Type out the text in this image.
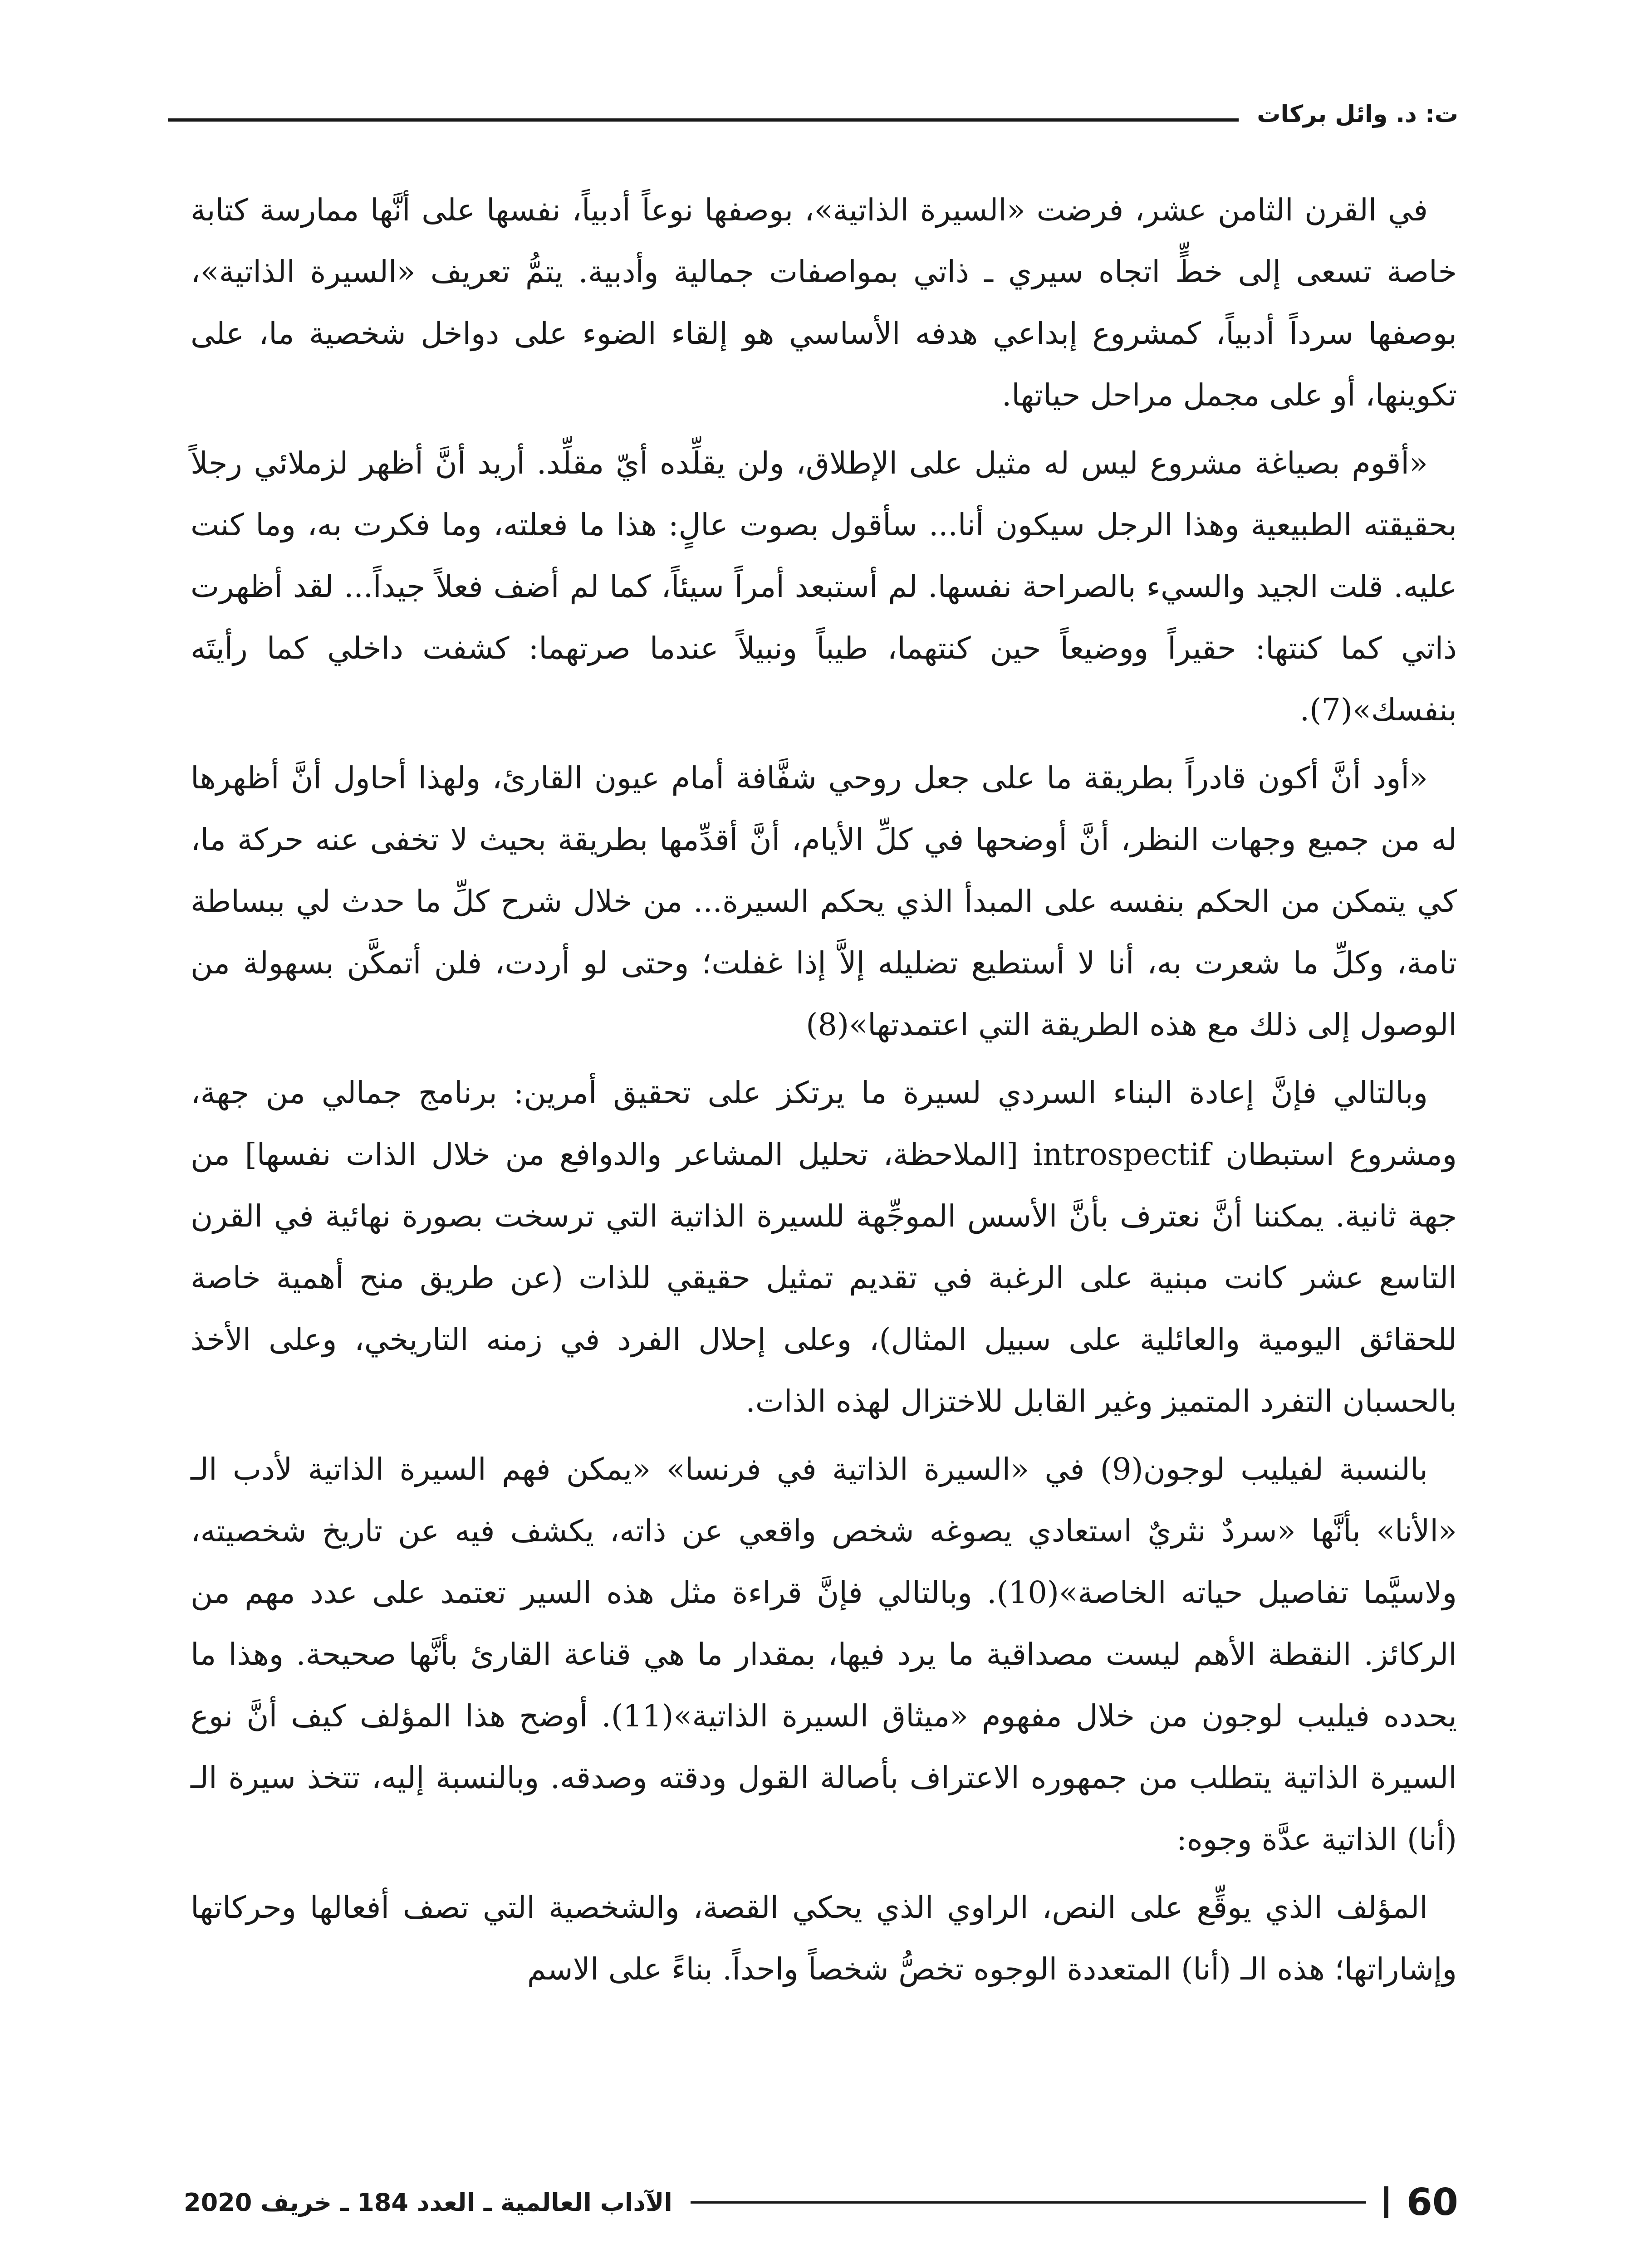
ت: د. وائل بركات

في القرن الثامن عشر، فرضت «السيرة الذاتية»، بوصفها نوعاً أدبياً، نفسها على أنَّها ممارسة كتابة خاصة تسعى إلى خطٍّ اتجاه سيري ـ ذاتي بمواصفات جمالية وأدبية. يتمُّ تعريف «السيرة الذاتية»، بوصفها سرداً أدبياً، كمشروع إبداعي هدفه الأساسي هو إلقاء الضوء على دواخل شخصية ما، على تكوينها، أو على مجمل مراحل حياتها.

«أقوم بصياغة مشروع ليس له مثيل على الإطلاق، ولن يقلِّده أيّ مقلِّد. أريد أنَّ أظهر لزملائي رجلاً بحقيقته الطبيعية وهذا الرجل سيكون أنا... سأقول بصوت عالٍ: هذا ما فعلته، وما فكرت به، وما كنت عليه. قلت الجيد والسيء بالصراحة نفسها. لم أستبعد أمراً سيئاً، كما لم أضف فعلاً جيداً... لقد أظهرت ذاتي كما كنتها: حقيراً ووضيعاً حين كنتهما، طيباً ونبيلاً عندما صرتهما: كشفت داخلي كما رأيتَه بنفسك»(7).

«أود أنَّ أكون قادراً بطريقة ما على جعل روحي شفَّافة أمام عيون القارئ، ولهذا أحاول أنَّ أظهرها له من جميع وجهات النظر، أنَّ أوضحها في كلِّ الأيام، أنَّ أقدِّمها بطريقة بحيث لا تخفى عنه حركة ما، كي يتمكن من الحكم بنفسه على المبدأ الذي يحكم السيرة... من خلال شرح كلِّ ما حدث لي ببساطة تامة، وكلِّ ما شعرت به، أنا لا أستطيع تضليله إلاَّ إذا غفلت؛ وحتى لو أردت، فلن أتمكَّن بسهولة من الوصول إلى ذلك مع هذه الطريقة التي اعتمدتها»(8)

وبالتالي فإنَّ إعادة البناء السردي لسيرة ما يرتكز على تحقيق أمرين: برنامج جمالي من جهة، ومشروع استبطان introspectif [الملاحظة، تحليل المشاعر والدوافع من خلال الذات نفسها] من جهة ثانية. يمكننا أنَّ نعترف بأنَّ الأسس الموجِّهة للسيرة الذاتية التي ترسخت بصورة نهائية في القرن التاسع عشر كانت مبنية على الرغبة في تقديم تمثيل حقيقي للذات (عن طريق منح أهمية خاصة للحقائق اليومية والعائلية على سبيل المثال)، وعلى إحلال الفرد في زمنه التاريخي، وعلى الأخذ بالحسبان التفرد المتميز وغير القابل للاختزال لهذه الذات.

بالنسبة لفيليب لوجون(9) في «السيرة الذاتية في فرنسا» «يمكن فهم السيرة الذاتية لأدب الـ «الأنا» بأنَّها «سردٌ نثريٌ استعادي يصوغه شخص واقعي عن ذاته، يكشف فيه عن تاريخ شخصيته، ولاسيَّما تفاصيل حياته الخاصة»(10). وبالتالي فإنَّ قراءة مثل هذه السير تعتمد على عدد مهم من الركائز. النقطة الأهم ليست مصداقية ما يرد فيها، بمقدار ما هي قناعة القارئ بأنَّها صحيحة. وهذا ما يحدده فيليب لوجون من خلال مفهوم «ميثاق السيرة الذاتية»(11). أوضح هذا المؤلف كيف أنَّ نوع السيرة الذاتية يتطلب من جمهوره الاعتراف بأصالة القول ودقته وصدقه. وبالنسبة إليه، تتخذ سيرة الـ (أنا) الذاتية عدَّة وجوه:

المؤلف الذي يوقِّع على النص، الراوي الذي يحكي القصة، والشخصية التي تصف أفعالها وحركاتها وإشاراتها؛ هذه الـ (أنا) المتعددة الوجوه تخصُّ شخصاً واحداً. بناءً على الاسم

60
الآداب العالمية ـ العدد 184 ـ خريف 2020
